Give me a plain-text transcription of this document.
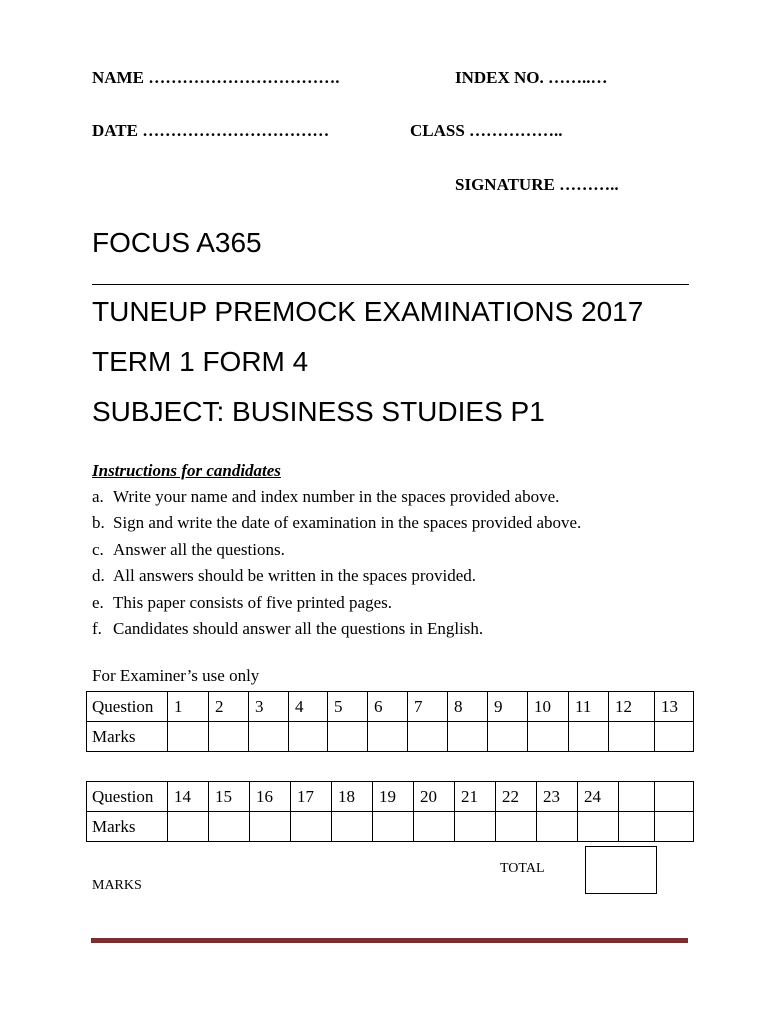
NAME …………………………….	INDEX NO. ……..…
DATE ……………………………	CLASS ……………..
SIGNATURE ………..
FOCUS A365
TUNEUP PREMOCK EXAMINATIONS 2017
TERM 1 FORM 4
SUBJECT: BUSINESS STUDIES P1
Instructions for candidates
a. Write your name and index number in the spaces provided above.
b. Sign and write the date of examination in the spaces provided above.
c. Answer all the questions.
d. All answers should be written in the spaces provided.
e. This paper consists of five printed pages.
f. Candidates should answer all the questions in English.
For Examiner’s use only
Question	1	2	3	4	5	6	7	8	9	10	11	12	13
Marks													
Question	14	15	16	17	18	19	20	21	22	23	24		
Marks													
TOTAL
MARKS
